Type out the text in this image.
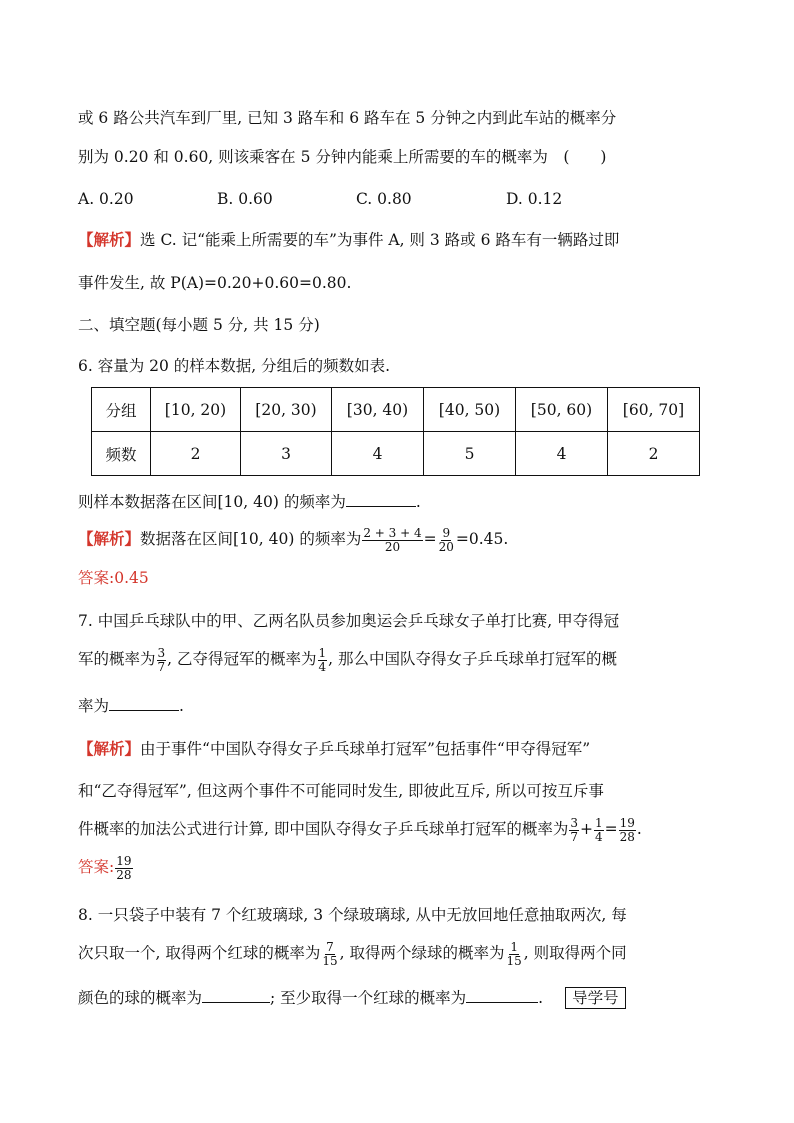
或 6 路公共汽车到厂里, 已知 3 路车和 6 路车在 5 分钟之内到此车站的概率分
别为 0.20 和 0.60, 则该乘客在 5 分钟内能乘上所需要的车的概率为　(　　)
A. 0.20	B. 0.60	C. 0.80	D. 0.12
【解析】选 C. 记“能乘上所需要的车”为事件 A, 则 3 路或 6 路车有一辆路过即
事件发生, 故 P(A)=0.20+0.60=0.80.
二、填空题(每小题 5 分, 共 15 分)
6. 容量为 20 的样本数据, 分组后的频数如表.
分组	[10, 20)	[20, 30)	[30, 40)	[40, 50)	[50, 60)	[60, 70]
频数	2	3	4	5	4	2
则样本数据落在区间[10, 40) 的频率为	.
【解析】数据落在区间[10, 40) 的频率为 $\frac{2 + 3 + 4}{20} = \frac{9}{20} =0.45$.
答案:0.45
7. 中国乒乓球队中的甲、乙两名队员参加奥运会乒乓球女子单打比赛, 甲夺得冠
军的概率为 $\frac{3}{7}$ , 乙夺得冠军的概率为 $\frac{1}{4}$ , 那么中国队夺得女子乒乓球单打冠军的概
率为	.
【解析】由于事件“中国队夺得女子乒乓球单打冠军”包括事件“甲夺得冠军”
和“乙夺得冠军”, 但这两个事件不可能同时发生, 即彼此互斥, 所以可按互斥事
件概率的加法公式进行计算, 即中国队夺得女子乒乓球单打冠军的概率为 $\frac{3}{7} + \frac{1}{4} = \frac{19}{28}$ .
答案: $\frac{19}{28}$
8. 一只袋子中装有 7 个红玻璃球, 3 个绿玻璃球, 从中无放回地任意抽取两次, 每
次只取一个, 取得两个红球的概率为 $\frac{7}{15}$ , 取得两个绿球的概率为 $\frac{1}{15}$ , 则取得两个同
颜色的球的概率为	; 至少取得一个红球的概率为	. 导学号
